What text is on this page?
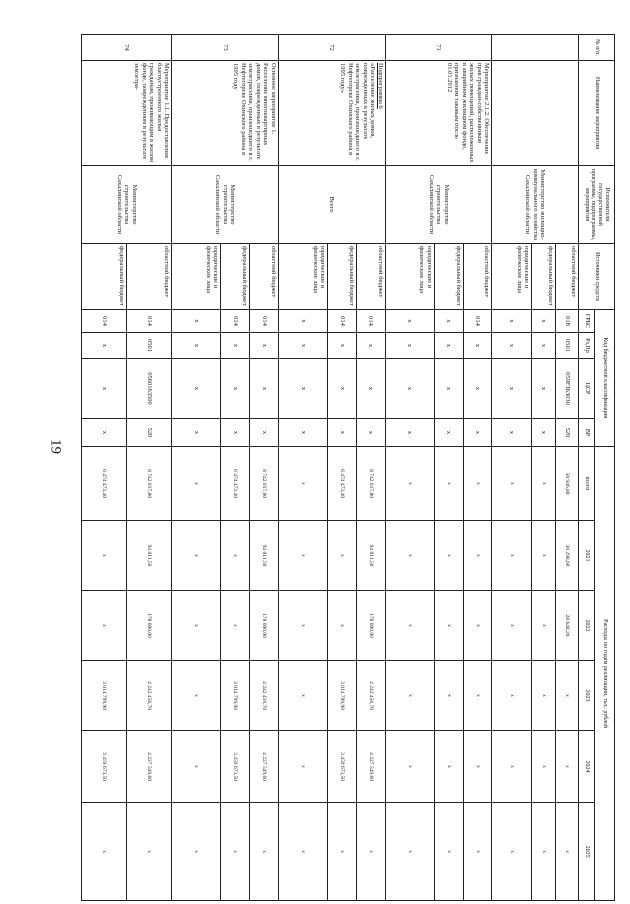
19
№ п/п.	Наименование мероприятия	Исполнители государственной программы, подпрограммы, мероприятия	Источники средств	Код бюджетной классификации				Расходы по годам реализации, тыс. рублей					
				ГРБС	Рз,Пр	ЦСР	ВР	всего	2021	2022	2023	2024	2025

	Министерство жилищно-коммунального хозяйства Сахалинской области	областной бюджет	018	0501	059F363030	520	58 946,80	30 298,60	28 648,20	x	x	x
			федеральный бюджет	x	x	x	x	x	x	x	x	x	x
			юридические и физические лица	x	x	x	x	x	x	x	x	x	x
71	Мероприятие 2.1.2. Обеспечение прав граждан-собственников жилых помещений, расположенных в аварийном жилищном фонде, признанном таковым после 01.01.2012	Министерство строительства Сахалинской области	областной бюджет	014	x	x	x	x	x	x	x	x	x
			федеральный бюджет	x	x	x	x	x	x	x	x	x	x
			юридические и физические лица	x	x	x	x	x	x	x	x	x	x
72	Подпрограмма 6
«Расселение жилых домов, поврежденных в результате землетрясения, произошедшего в г. Нефтегорске Охинского района в 1995 году»	Всего	областной бюджет	014	x	x	x	8 742 017,80	94 011,50	178 000,00	4 242 456,70	4 227 549,60	x
			федеральный бюджет	014	x	x	x	6 474 473,40	x	x	3 014 799,90	3 459 673,50	x
			юридические и физические лица	x	x	x	x	x	x	x	x	x	x
73	Основное мероприятие 1. Расселение многоквартирных домов, поврежденных в результате землетрясения, произошедшего в г. Нефтегорске Охинского района в 1995 году	Министерство строительства Сахалинской области	областной бюджет	014	x	x	x	8 742 017,80	94 011,50	178 000,00	4 242 456,70	4 227 549,60	x
			федеральный бюджет	014	x	x	x	6 474 473,40	x	x	3 014 799,90	3 459 673,50	x
			юридические и физические лица	x	x	x	x	x	x	x	x	x	x
74	Мероприятие 1.1. Предоставление благоустроенного жилья гражданам, проживающим в жилом фонде, поврежденном в результате землетря-	Министерство строительства Сахалинской области	областной бюджет	014	0501	0560163500	520	8 742 017,80	94 011,50	178 000,00	4 242 456,70	4 227 549,60	x
			федеральный бюджет	014	x	x	x	6 474 473,40	x	x	3 014 799,90	3 459 673,50	x
